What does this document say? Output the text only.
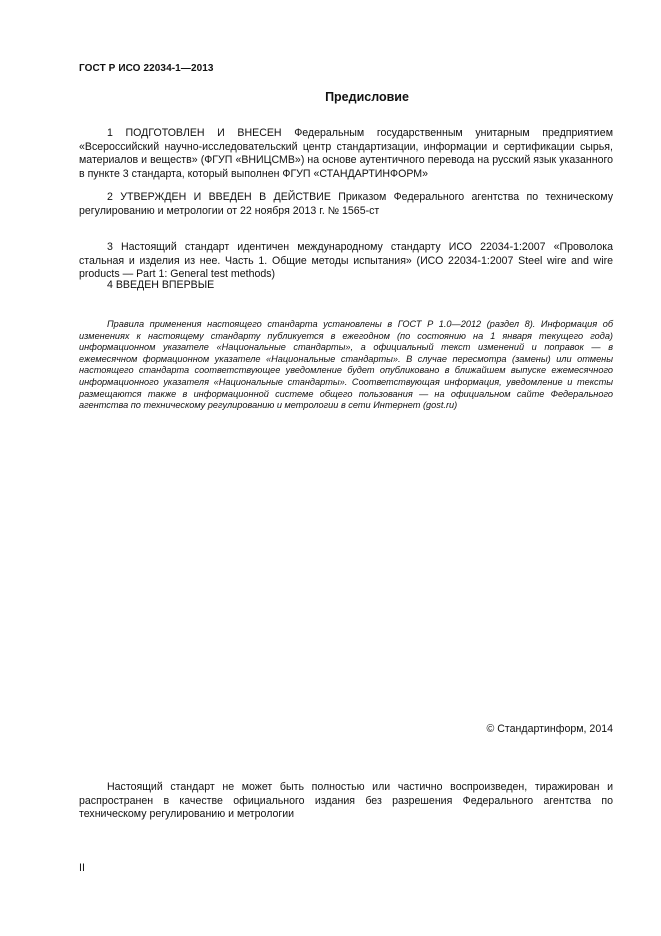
ГОСТ Р ИСО 22034-1—2013
Предисловие
1 ПОДГОТОВЛЕН И ВНЕСЕН Федеральным государственным унитарным предприятием «Всероссийский научно-исследовательский центр стандартизации, информации и сертификации сырья, материалов и веществ» (ФГУП «ВНИЦСМВ») на основе аутентичного перевода на русский язык указанного в пункте 3 стандарта, который выполнен ФГУП «СТАНДАРТИНФОРМ»
2 УТВЕРЖДЕН И ВВЕДЕН В ДЕЙСТВИЕ Приказом Федерального агентства по техническому регулированию и метрологии от 22 ноября 2013 г. № 1565-ст
3 Настоящий стандарт идентичен международному стандарту ИСО 22034-1:2007 «Проволока стальная и изделия из нее. Часть 1. Общие методы испытания» (ИСО 22034-1:2007 Steel wire and wire products — Part 1: General test methods)
4 ВВЕДЕН ВПЕРВЫЕ
Правила применения настоящего стандарта установлены в ГОСТ Р 1.0—2012 (раздел 8). Информация об изменениях к настоящему стандарту публикуется в ежегодном (по состоянию на 1 января текущего года) информационном указателе «Национальные стандарты», а официальный текст изменений и поправок — в ежемесячном формационном указателе «Национальные стандарты». В случае пересмотра (замены) или отмены настоящего стандарта соответствующее уведомление будет опубликовано в ближайшем выпуске ежемесячного информационного указателя «Национальные стандарты». Соответствующая информация, уведомление и тексты размещаются также в информационной системе общего пользования — на официальном сайте Федерального агентства по техническому регулированию и метрологии в сети Интернет (gost.ru)
© Стандартинформ, 2014
Настоящий стандарт не может быть полностью или частично воспроизведен, тиражирован и распространен в качестве официального издания без разрешения Федерального агентства по техническому регулированию и метрологии
II
